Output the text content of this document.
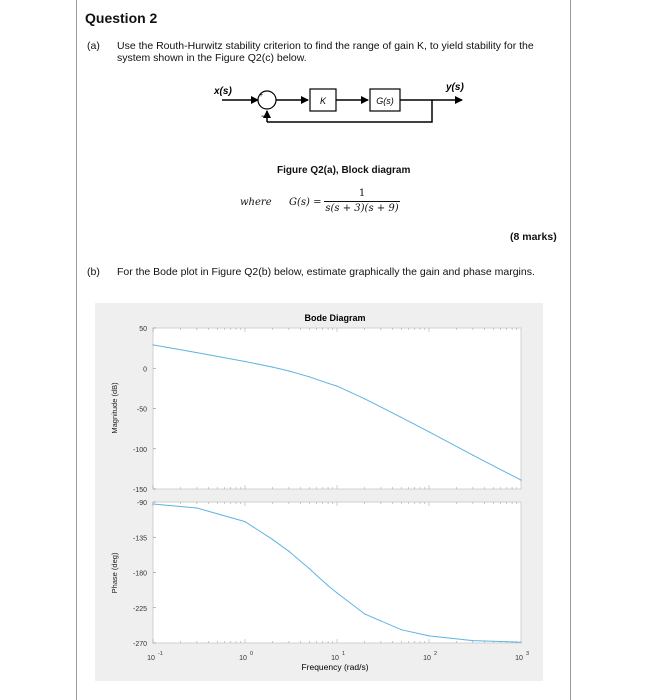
Question 2
(a) Use the Routh-Hurwitz stability criterion to find the range of gain K, to yield stability for the
system shown in the Figure Q2(c) below.
x(s)	+
-
K	G(s)
y(s)
Figure Q2(a), Block diagram
where G(s) =
1
s(s + 3)(s + 9)
(8 marks)
(b) For the Bode plot in Figure Q2(b) below, estimate graphically the gain and phase margins.
Bode Diagram
50
0
-50
-100
-150
Magnitude (dB)
-90
-135
-180
-225
-270
Phase (deg)
10
-1
10
0
10
1
10
2
10
3
Frequency (rad/s)
